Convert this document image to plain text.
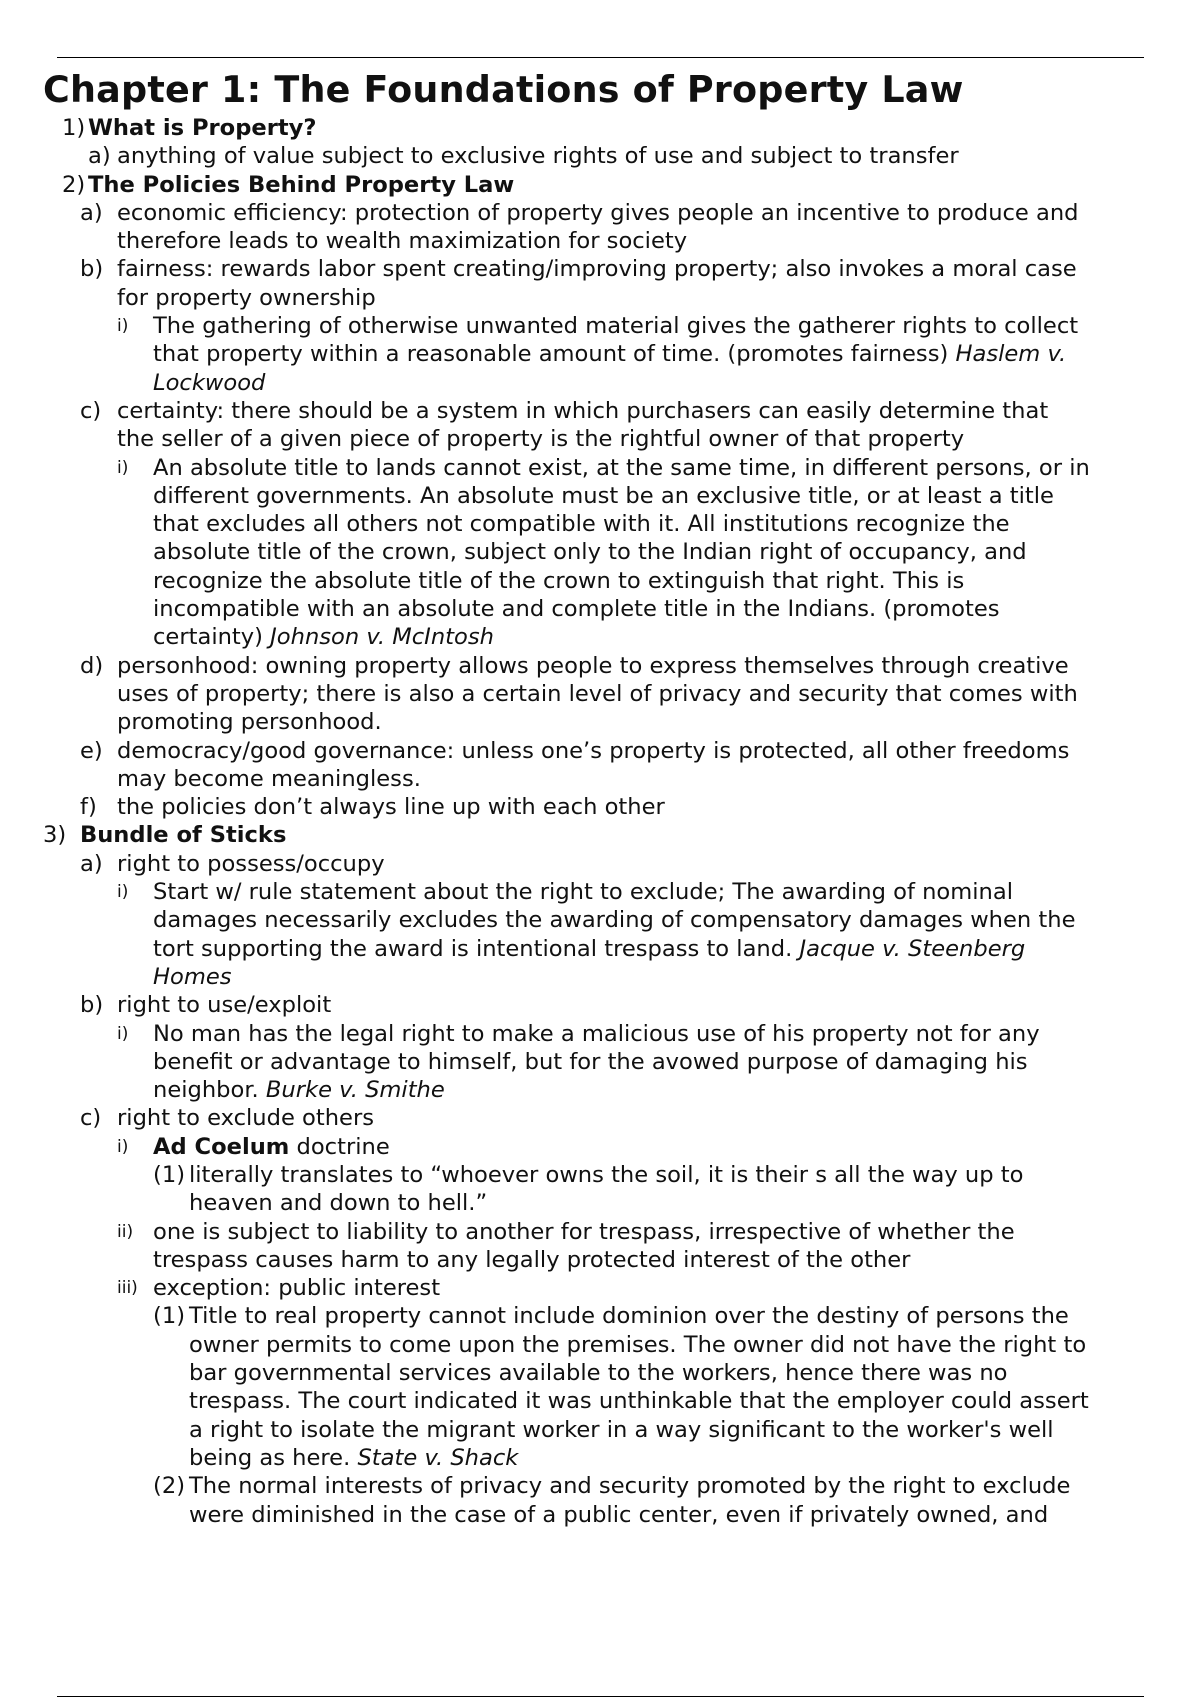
Chapter 1: The Foundations of Property Law
1) What is Property?
a) anything of value subject to exclusive rights of use and subject to transfer
2) The Policies Behind Property Law
a) economic efficiency: protection of property gives people an incentive to produce and
therefore leads to wealth maximization for society
b) fairness: rewards labor spent creating/improving property; also invokes a moral case
for property ownership
i) The gathering of otherwise unwanted material gives the gatherer rights to collect
that property within a reasonable amount of time. (promotes fairness) Haslem v.
Lockwood
c) certainty: there should be a system in which purchasers can easily determine that
the seller of a given piece of property is the rightful owner of that property
i) An absolute title to lands cannot exist, at the same time, in different persons, or in
different governments. An absolute must be an exclusive title, or at least a title
that excludes all others not compatible with it. All institutions recognize the
absolute title of the crown, subject only to the Indian right of occupancy, and
recognize the absolute title of the crown to extinguish that right. This is
incompatible with an absolute and complete title in the Indians. (promotes
certainty) Johnson v. McIntosh
d) personhood: owning property allows people to express themselves through creative
uses of property; there is also a certain level of privacy and security that comes with
promoting personhood.
e) democracy/good governance: unless one’s property is protected, all other freedoms
may become meaningless.
f) the policies don’t always line up with each other
3) Bundle of Sticks
a) right to possess/occupy
i) Start w/ rule statement about the right to exclude; The awarding of nominal
damages necessarily excludes the awarding of compensatory damages when the
tort supporting the award is intentional trespass to land. Jacque v. Steenberg
Homes
b) right to use/exploit
i) No man has the legal right to make a malicious use of his property not for any
benefit or advantage to himself, but for the avowed purpose of damaging his
neighbor. Burke v. Smithe
c) right to exclude others
i) Ad Coelum doctrine
(1) literally translates to “whoever owns the soil, it is their s all the way up to
heaven and down to hell.”
ii) one is subject to liability to another for trespass, irrespective of whether the
trespass causes harm to any legally protected interest of the other
iii) exception: public interest
(1) Title to real property cannot include dominion over the destiny of persons the
owner permits to come upon the premises. The owner did not have the right to
bar governmental services available to the workers, hence there was no
trespass. The court indicated it was unthinkable that the employer could assert
a right to isolate the migrant worker in a way significant to the worker's well
being as here. State v. Shack
(2) The normal interests of privacy and security promoted by the right to exclude
were diminished in the case of a public center, even if privately owned, and
